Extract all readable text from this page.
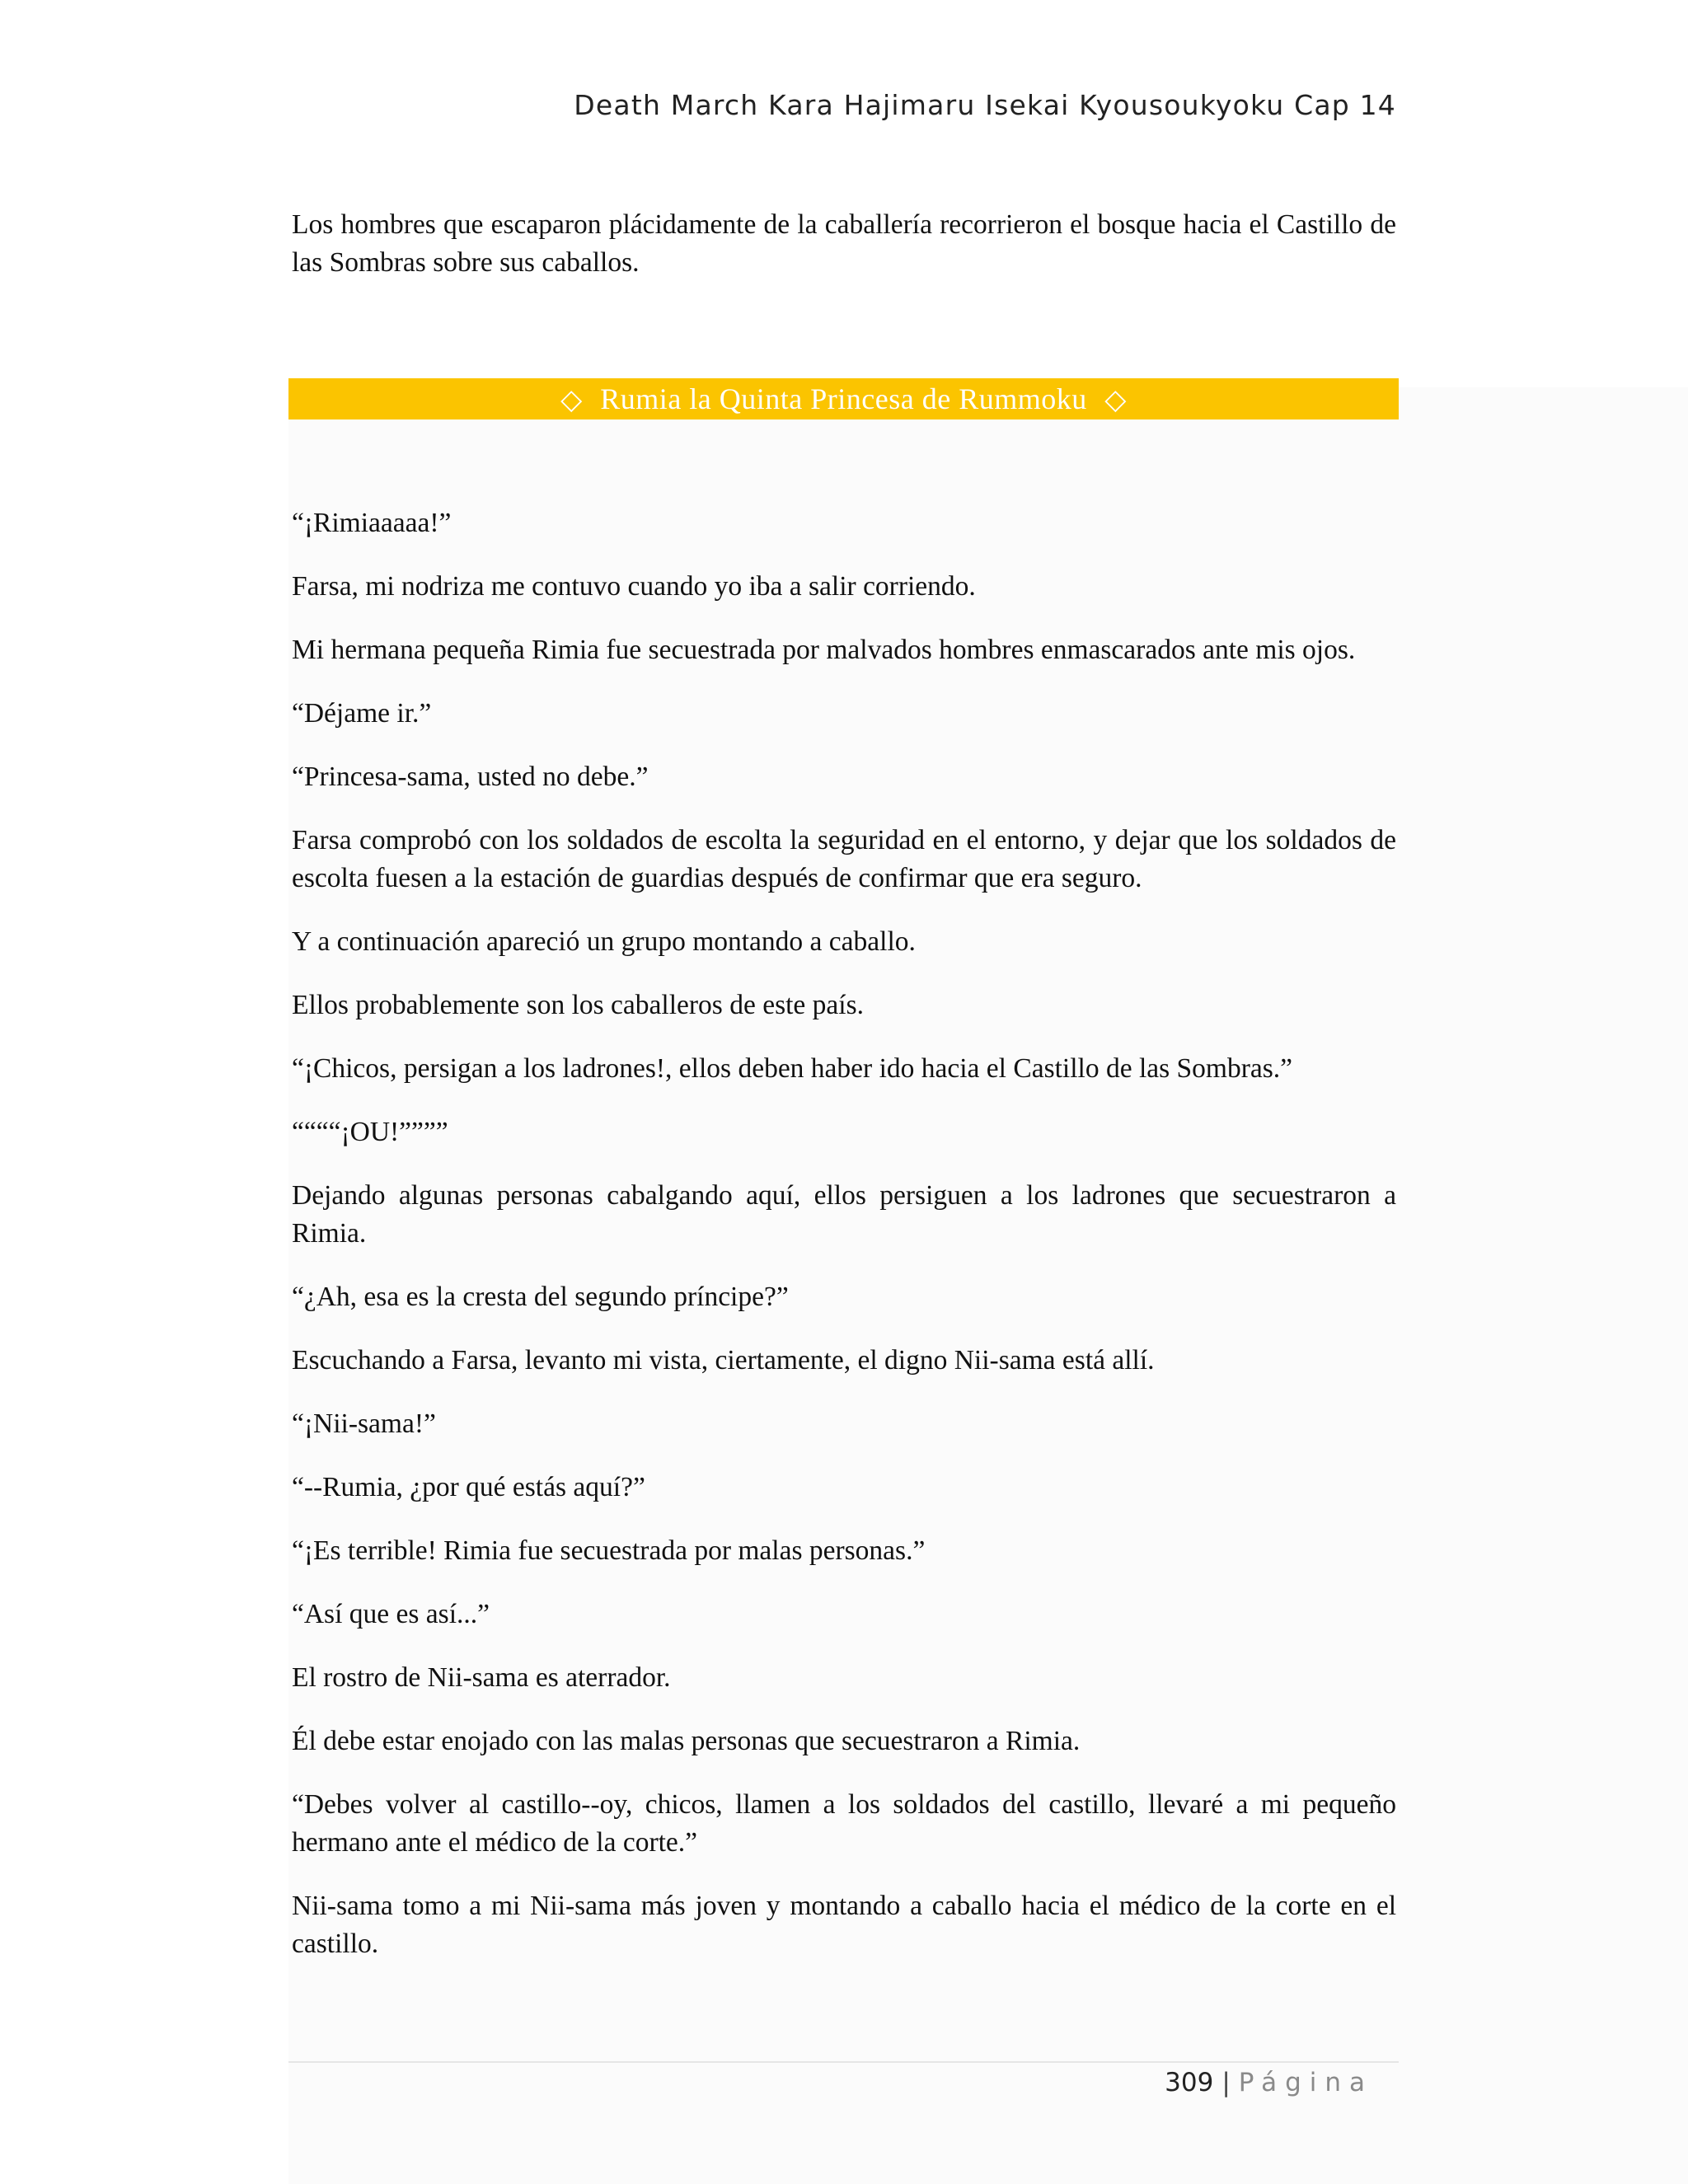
Death March Kara Hajimaru Isekai Kyousoukyoku Cap 14

Los hombres que escaparon plácidamente de la caballería recorrieron el bosque hacia el Castillo de las Sombras sobre sus caballos.

◇ Rumia la Quinta Princesa de Rummoku ◇

“¡Rimiaaaaa!”

Farsa, mi nodriza me contuvo cuando yo iba a salir corriendo.

Mi hermana pequeña Rimia fue secuestrada por malvados hombres enmascarados ante mis ojos.

“Déjame ir.”

“Princesa-sama, usted no debe.”

Farsa comprobó con los soldados de escolta la seguridad en el entorno, y dejar que los soldados de escolta fuesen a la estación de guardias después de confirmar que era seguro.

Y a continuación apareció un grupo montando a caballo.

Ellos probablemente son los caballeros de este país.

“¡Chicos, persigan a los ladrones!, ellos deben haber ido hacia el Castillo de las Sombras.”

““““¡OU!””””

Dejando algunas personas cabalgando aquí, ellos persiguen a los ladrones que secuestraron a Rimia.

“¿Ah, esa es la cresta del segundo príncipe?”

Escuchando a Farsa, levanto mi vista, ciertamente, el digno Nii-sama está allí.

“¡Nii-sama!”

“--Rumia, ¿por qué estás aquí?”

“¡Es terrible! Rimia fue secuestrada por malas personas.”

“Así que es así...”

El rostro de Nii-sama es aterrador.

Él debe estar enojado con las malas personas que secuestraron a Rimia.

“Debes volver al castillo--oy, chicos, llamen a los soldados del castillo, llevaré a mi pequeño hermano ante el médico de la corte.”

Nii-sama tomo a mi Nii-sama más joven y montando a caballo hacia el médico de la corte en el castillo.

309 | Página
